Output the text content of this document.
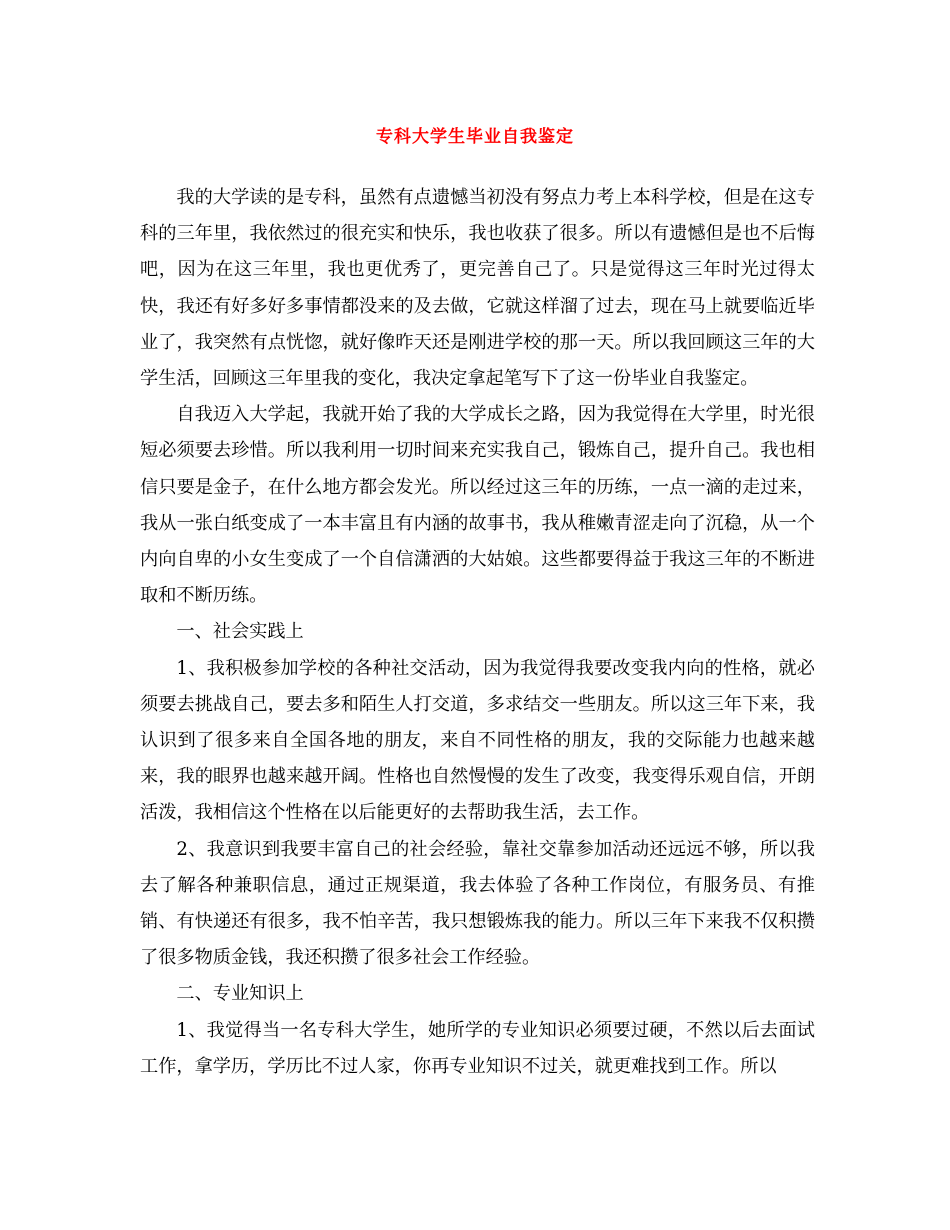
专科大学生毕业自我鉴定

我的大学读的是专科，虽然有点遗憾当初没有努点力考上本科学校，但是在这专科的三年里，我依然过的很充实和快乐，我也收获了很多。所以有遗憾但是也不后悔吧，因为在这三年里，我也更优秀了，更完善自己了。只是觉得这三年时光过得太快，我还有好多好多事情都没来的及去做，它就这样溜了过去，现在马上就要临近毕业了，我突然有点恍惚，就好像昨天还是刚进学校的那一天。所以我回顾这三年的大学生活，回顾这三年里我的变化，我决定拿起笔写下了这一份毕业自我鉴定。

自我迈入大学起，我就开始了我的大学成长之路，因为我觉得在大学里，时光很短必须要去珍惜。所以我利用一切时间来充实我自己，锻炼自己，提升自己。我也相信只要是金子，在什么地方都会发光。所以经过这三年的历练，一点一滴的走过来，我从一张白纸变成了一本丰富且有内涵的故事书，我从稚嫩青涩走向了沉稳，从一个内向自卑的小女生变成了一个自信潇洒的大姑娘。这些都要得益于我这三年的不断进取和不断历练。

一、社会实践上

1、我积极参加学校的各种社交活动，因为我觉得我要改变我内向的性格，就必须要去挑战自己，要去多和陌生人打交道，多求结交一些朋友。所以这三年下来，我认识到了很多来自全国各地的朋友，来自不同性格的朋友，我的交际能力也越来越来，我的眼界也越来越开阔。性格也自然慢慢的发生了改变，我变得乐观自信，开朗活泼，我相信这个性格在以后能更好的去帮助我生活，去工作。

2、我意识到我要丰富自己的社会经验，靠社交靠参加活动还远远不够，所以我去了解各种兼职信息，通过正规渠道，我去体验了各种工作岗位，有服务员、有推销、有快递还有很多，我不怕辛苦，我只想锻炼我的能力。所以三年下来我不仅积攒了很多物质金钱，我还积攒了很多社会工作经验。

二、专业知识上

1、我觉得当一名专科大学生，她所学的专业知识必须要过硬，不然以后去面试工作，拿学历，学历比不过人家，你再专业知识不过关，就更难找到工作。所以
